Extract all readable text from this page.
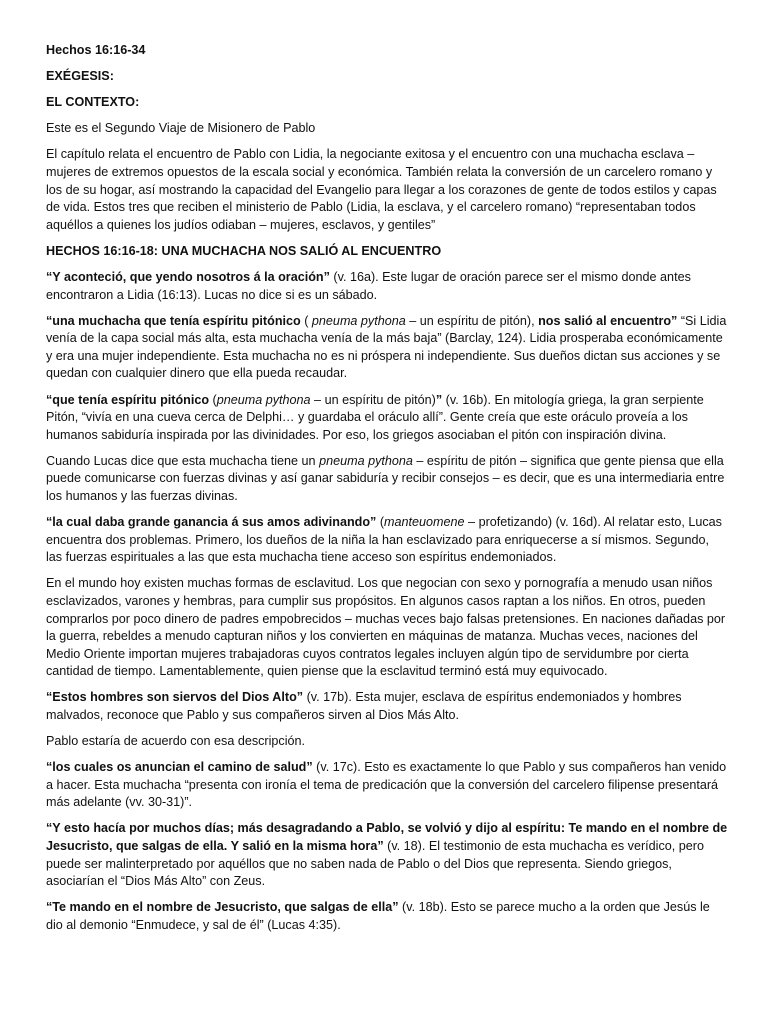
Hechos 16:16-34

EXÉGESIS:

EL CONTEXTO:

Este es el Segundo Viaje de Misionero de Pablo

El capítulo relata el encuentro de Pablo con Lidia, la negociante exitosa y el encuentro con una muchacha esclava – mujeres de extremos opuestos de la escala social y económica. También relata la conversión de un carcelero romano y los de su hogar, así mostrando la capacidad del Evangelio para llegar a los corazones de gente de todos estilos y capas de vida. Estos tres que reciben el ministerio de Pablo (Lidia, la esclava, y el carcelero romano) “representaban todos aquéllos a quienes los judíos odiaban – mujeres, esclavos, y gentiles”

HECHOS 16:16-18: UNA MUCHACHA NOS SALIÓ AL ENCUENTRO

“Y aconteció, que yendo nosotros á la oración” (v. 16a). Este lugar de oración parece ser el mismo donde antes encontraron a Lidia (16:13). Lucas no dice si es un sábado.

“una muchacha que tenía espíritu pitónico ( pneuma pythona – un espíritu de pitón), nos salió al encuentro” “Si Lidia venía de la capa social más alta, esta muchacha venía de la más baja” (Barclay, 124). Lidia prosperaba económicamente y era una mujer independiente. Esta muchacha no es ni próspera ni independiente. Sus dueños dictan sus acciones y se quedan con cualquier dinero que ella pueda recaudar.

“que tenía espíritu pitónico (pneuma pythona – un espíritu de pitón)” (v. 16b). En mitología griega, la gran serpiente Pitón, “vivía en una cueva cerca de Delphi… y guardaba el oráculo allí”. Gente creía que este oráculo proveía a los humanos sabiduría inspirada por las divinidades. Por eso, los griegos asociaban el pitón con inspiración divina.

Cuando Lucas dice que esta muchacha tiene un pneuma pythona – espíritu de pitón – significa que gente piensa que ella puede comunicarse con fuerzas divinas y así ganar sabiduría y recibir consejos – es decir, que es una intermediaria entre los humanos y las fuerzas divinas.

“la cual daba grande ganancia á sus amos adivinando” (manteuomene – profetizando) (v. 16d). Al relatar esto, Lucas encuentra dos problemas. Primero, los dueños de la niña la han esclavizado para enriquecerse a sí mismos. Segundo, las fuerzas espirituales a las que esta muchacha tiene acceso son espíritus endemoniados.

En el mundo hoy existen muchas formas de esclavitud. Los que negocian con sexo y pornografía a menudo usan niños esclavizados, varones y hembras, para cumplir sus propósitos. En algunos casos raptan a los niños. En otros, pueden comprarlos por poco dinero de padres empobrecidos – muchas veces bajo falsas pretensiones. En naciones dañadas por la guerra, rebeldes a menudo capturan niños y los convierten en máquinas de matanza. Muchas veces, naciones del Medio Oriente importan mujeres trabajadoras cuyos contratos legales incluyen algún tipo de servidumbre por cierta cantidad de tiempo. Lamentablemente, quien piense que la esclavitud terminó está muy equivocado.

“Estos hombres son siervos del Dios Alto” (v. 17b). Esta mujer, esclava de espíritus endemoniados y hombres malvados, reconoce que Pablo y sus compañeros sirven al Dios Más Alto.

Pablo estaría de acuerdo con esa descripción.

“los cuales os anuncian el camino de salud” (v. 17c). Esto es exactamente lo que Pablo y sus compañeros han venido a hacer. Esta muchacha “presenta con ironía el tema de predicación que la conversión del carcelero filipense presentará más adelante (vv. 30-31)”.

“Y esto hacía por muchos días; más desagradando a Pablo, se volvió y dijo al espíritu: Te mando en el nombre de Jesucristo, que salgas de ella. Y salió en la misma hora” (v. 18). El testimonio de esta muchacha es verídico, pero puede ser malinterpretado por aquéllos que no saben nada de Pablo o del Dios que representa. Siendo griegos, asociarían el “Dios Más Alto” con Zeus.

“Te mando en el nombre de Jesucristo, que salgas de ella” (v. 18b). Esto se parece mucho a la orden que Jesús le dio al demonio “Enmudece, y sal de él” (Lucas 4:35).
